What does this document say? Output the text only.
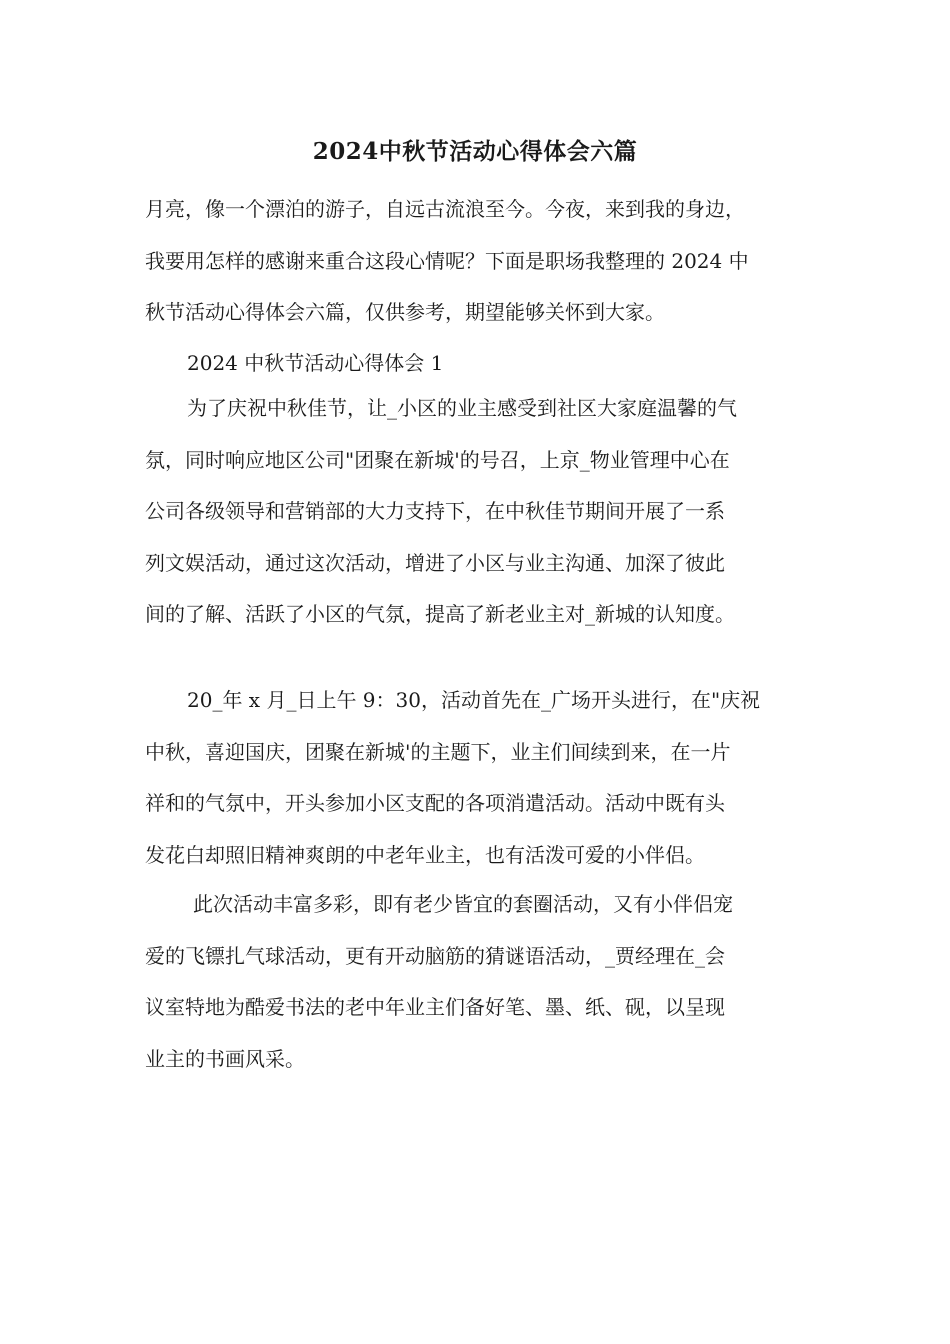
2024中秋节活动心得体会六篇
月亮，像一个漂泊的游子，自远古流浪至今。今夜，来到我的身边，
我要用怎样的感谢来重合这段心情呢？下面是职场我整理的 2024 中
秋节活动心得体会六篇，仅供参考，期望能够关怀到大家。
2024 中秋节活动心得体会 1
为了庆祝中秋佳节，让_小区的业主感受到社区大家庭温馨的气
氛，同时响应地区公司"团聚在新城'的号召，上京_物业管理中心在
公司各级领导和营销部的大力支持下，在中秋佳节期间开展了一系
列文娱活动，通过这次活动，增进了小区与业主沟通、加深了彼此
间的了解、活跃了小区的气氛，提高了新老业主对_新城的认知度。
20_年 x 月_日上午 9：30，活动首先在_广场开头进行，在"庆祝
中秋，喜迎国庆，团聚在新城'的主题下，业主们间续到来，在一片
祥和的气氛中，开头参加小区支配的各项消遣活动。活动中既有头
发花白却照旧精神爽朗的中老年业主，也有活泼可爱的小伴侣。
此次活动丰富多彩，即有老少皆宜的套圈活动，又有小伴侣宠
爱的飞镖扎气球活动，更有开动脑筋的猜谜语活动，_贾经理在_会
议室特地为酷爱书法的老中年业主们备好笔、墨、纸、砚，以呈现
业主的书画风采。
